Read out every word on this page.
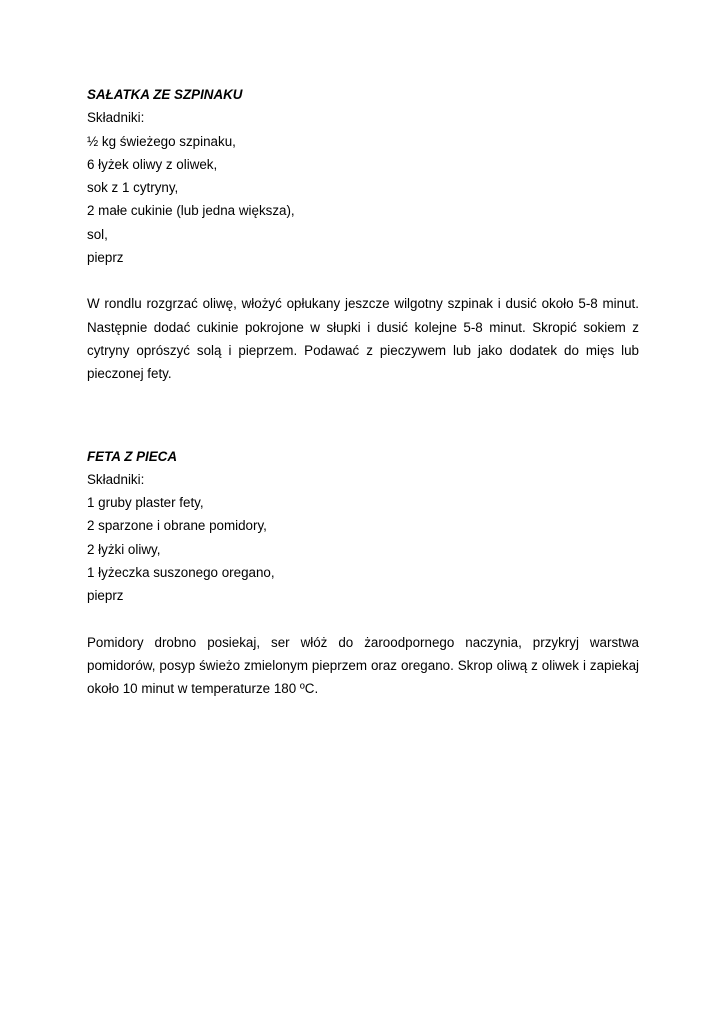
SAŁATKA ZE SZPINAKU
Składniki:
½ kg świeżego szpinaku,
6 łyżek oliwy z oliwek,
sok z 1 cytryny,
2 małe cukinie (lub jedna większa),
sol,
pieprz
W rondlu rozgrzać oliwę, włożyć opłukany jeszcze wilgotny szpinak i dusić około 5-8 minut. Następnie dodać cukinie pokrojone w słupki i dusić kolejne 5-8 minut. Skropić sokiem z cytryny oprószyć solą i pieprzem. Podawać z pieczywem lub jako dodatek do mięs lub pieczonej fety.
FETA Z PIECA
Składniki:
1 gruby plaster fety,
2 sparzone i obrane pomidory,
2 łyżki oliwy,
1 łyżeczka suszonego oregano,
pieprz
Pomidory drobno posiekaj, ser włóż do żaroodpornego naczynia, przykryj warstwa pomidorów, posyp świeżo zmielonym pieprzem oraz oregano. Skrop oliwą z oliwek i zapiekaj około 10 minut w temperaturze 180 ºC.
